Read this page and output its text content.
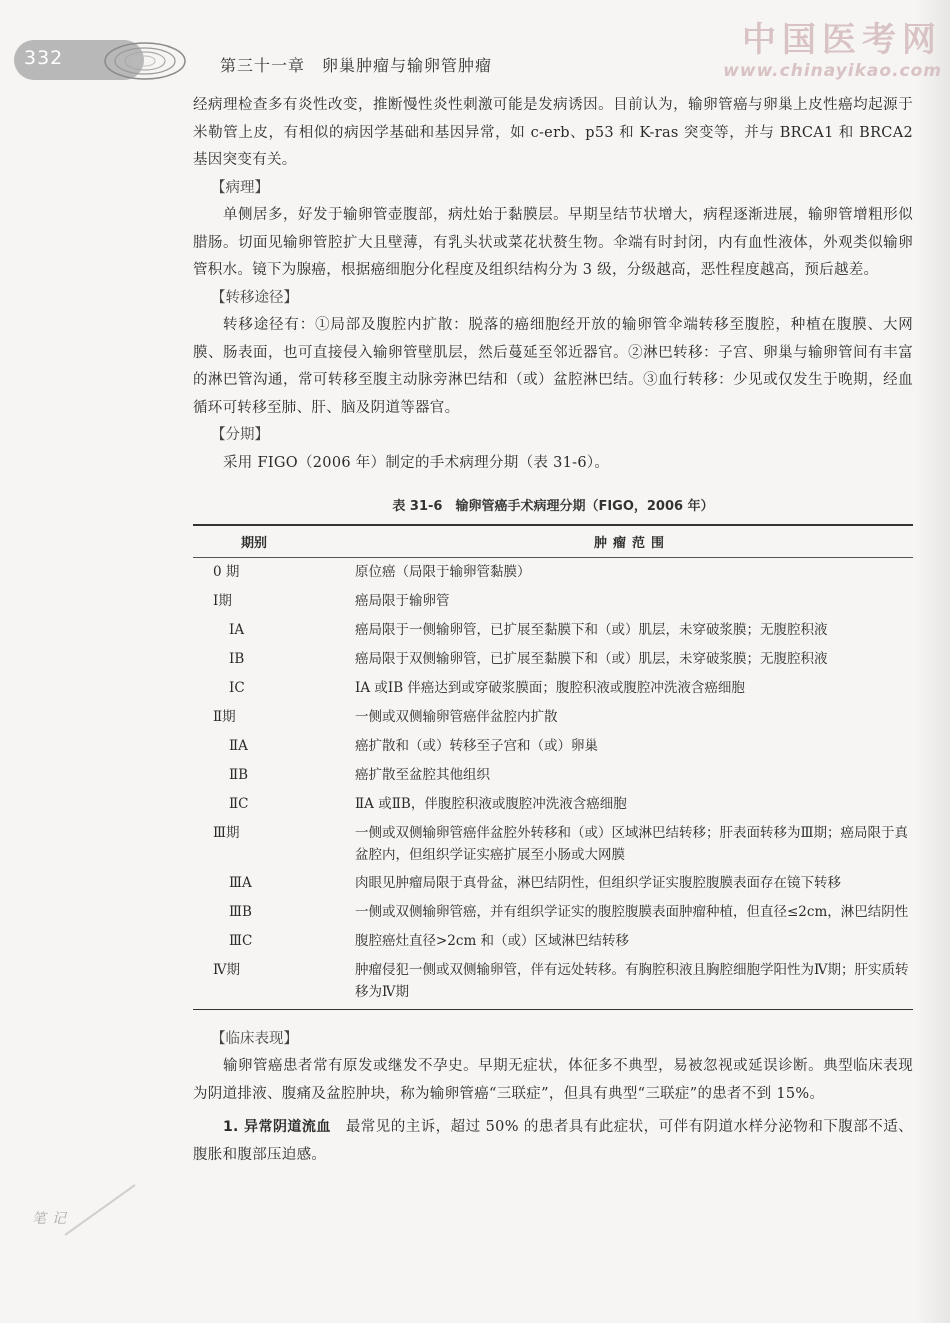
332	第三十一章　卵巢肿瘤与输卵管肿瘤
中国医考网
www.chinayikao.com

经病理检查多有炎性改变，推断慢性炎性刺激可能是发病诱因。目前认为，输卵管癌与卵巢上皮性癌均起源于米勒管上皮，有相似的病因学基础和基因异常，如 c-erb、p53 和 K-ras 突变等，并与 BRCA1 和 BRCA2 基因突变有关。

【病理】

单侧居多，好发于输卵管壶腹部，病灶始于黏膜层。早期呈结节状增大，病程逐渐进展，输卵管增粗形似腊肠。切面见输卵管腔扩大且壁薄，有乳头状或菜花状赘生物。伞端有时封闭，内有血性液体，外观类似输卵管积水。镜下为腺癌，根据癌细胞分化程度及组织结构分为 3 级，分级越高，恶性程度越高，预后越差。

【转移途径】

转移途径有：①局部及腹腔内扩散：脱落的癌细胞经开放的输卵管伞端转移至腹腔，种植在腹膜、大网膜、肠表面，也可直接侵入输卵管壁肌层，然后蔓延至邻近器官。②淋巴转移：子宫、卵巢与输卵管间有丰富的淋巴管沟通，常可转移至腹主动脉旁淋巴结和（或）盆腔淋巴结。③血行转移：少见或仅发生于晚期，经血循环可转移至肺、肝、脑及阴道等器官。

【分期】

采用 FIGO（2006 年）制定的手术病理分期（表 31-6）。

表 31-6　输卵管癌手术病理分期（FIGO，2006 年）
期别	肿瘤范围
0 期	原位癌（局限于输卵管黏膜）
Ⅰ期	癌局限于输卵管
ⅠA	癌局限于一侧输卵管，已扩展至黏膜下和（或）肌层，未穿破浆膜；无腹腔积液
ⅠB	癌局限于双侧输卵管，已扩展至黏膜下和（或）肌层，未穿破浆膜；无腹腔积液
ⅠC	ⅠA 或ⅠB 伴癌达到或穿破浆膜面；腹腔积液或腹腔冲洗液含癌细胞
Ⅱ期	一侧或双侧输卵管癌伴盆腔内扩散
ⅡA	癌扩散和（或）转移至子宫和（或）卵巢
ⅡB	癌扩散至盆腔其他组织
ⅡC	ⅡA 或ⅡB，伴腹腔积液或腹腔冲洗液含癌细胞
Ⅲ期	一侧或双侧输卵管癌伴盆腔外转移和（或）区域淋巴结转移；肝表面转移为Ⅲ期；癌局限于真盆腔内，但组织学证实癌扩展至小肠或大网膜
ⅢA	肉眼见肿瘤局限于真骨盆，淋巴结阴性，但组织学证实腹腔腹膜表面存在镜下转移
ⅢB	一侧或双侧输卵管癌，并有组织学证实的腹腔腹膜表面肿瘤种植，但直径≤2cm，淋巴结阴性
ⅢC	腹腔癌灶直径>2cm 和（或）区域淋巴结转移
Ⅳ期	肿瘤侵犯一侧或双侧输卵管，伴有远处转移。有胸腔积液且胸腔细胞学阳性为Ⅳ期；肝实质转移为Ⅳ期

【临床表现】

输卵管癌患者常有原发或继发不孕史。早期无症状，体征多不典型，易被忽视或延误诊断。典型临床表现为阴道排液、腹痛及盆腔肿块，称为输卵管癌“三联症”，但具有典型“三联症”的患者不到 15%。

1. 异常阴道流血　 最常见的主诉，超过 50% 的患者具有此症状，可伴有阴道水样分泌物和下腹部不适、腹胀和腹部压迫感。

笔记
